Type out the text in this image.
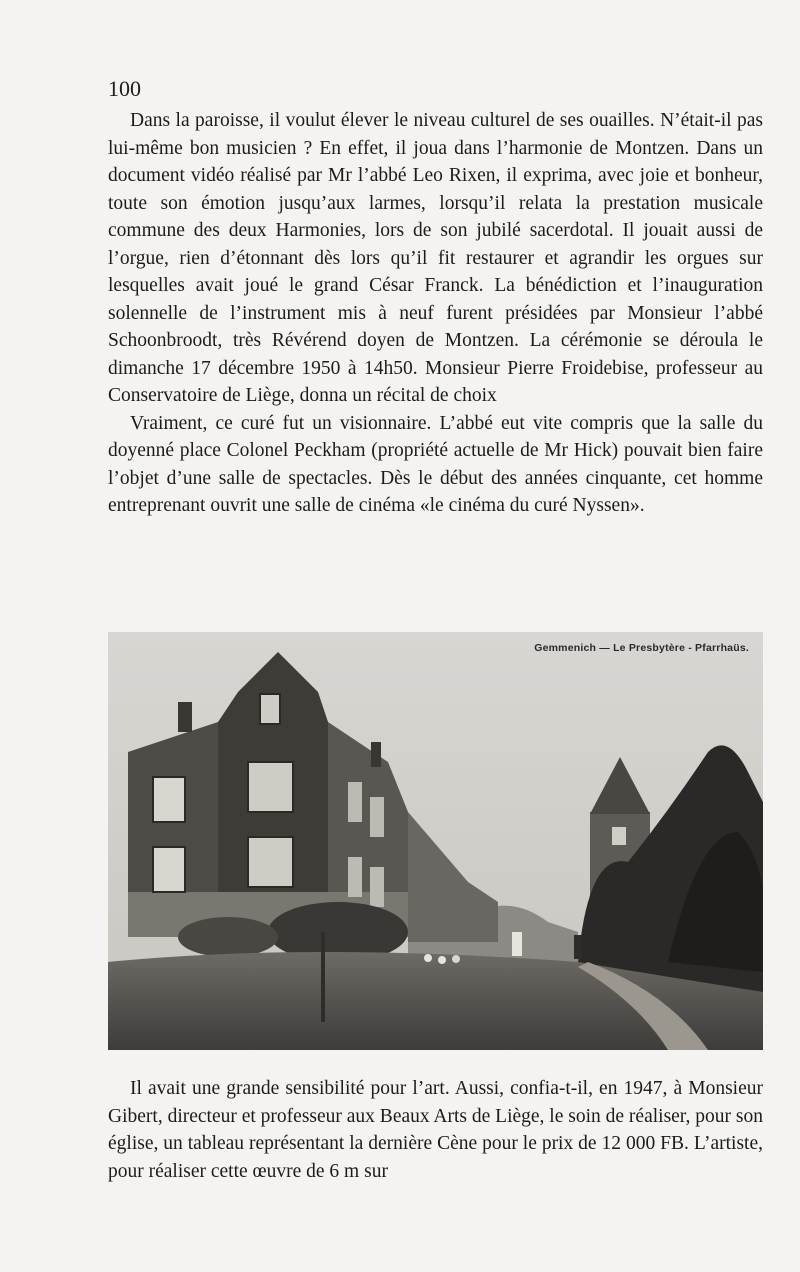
100

Dans la paroisse, il voulut élever le niveau culturel de ses ouailles. N’était-il pas lui-même bon musicien ? En effet, il joua dans l’harmonie de Montzen. Dans un document vidéo réalisé par Mr l’abbé Leo Rixen, il exprima, avec joie et bonheur, toute son émotion jusqu’aux larmes, lorsqu’il relata la prestation musicale commune des deux Harmonies, lors de son jubilé sacerdotal. Il jouait aussi de l’orgue, rien d’étonnant dès lors qu’il fit restaurer et agrandir les orgues sur lesquelles avait joué le grand César Franck. La bénédiction et l’inauguration solennelle de l’instrument mis à neuf furent présidées par Monsieur l’abbé Schoonbroodt, très Révérend doyen de Montzen. La cérémonie se déroula le dimanche 17 décembre 1950 à 14h50. Monsieur Pierre Froidebise, professeur au Conservatoire de Liège, donna un récital de choix

Vraiment, ce curé fut un visionnaire. L’abbé eut vite compris que la salle du doyenné place Colonel Peckham (propriété actuelle de Mr Hick) pouvait bien faire l’objet d’une salle de spectacles. Dès le début des années cinquante, cet homme entreprenant ouvrit une salle de cinéma «le cinéma du curé Nyssen».

Gemmenich — Le Presbytère - Pfarrhaüs.

Il avait une grande sensibilité pour l’art. Aussi, confia-t-il, en 1947, à Monsieur Gibert, directeur et professeur aux Beaux Arts de Liège, le soin de réaliser, pour son église, un tableau représentant la dernière Cène pour le prix de 12 000 FB. L’artiste, pour réaliser cette œuvre de 6 m sur
